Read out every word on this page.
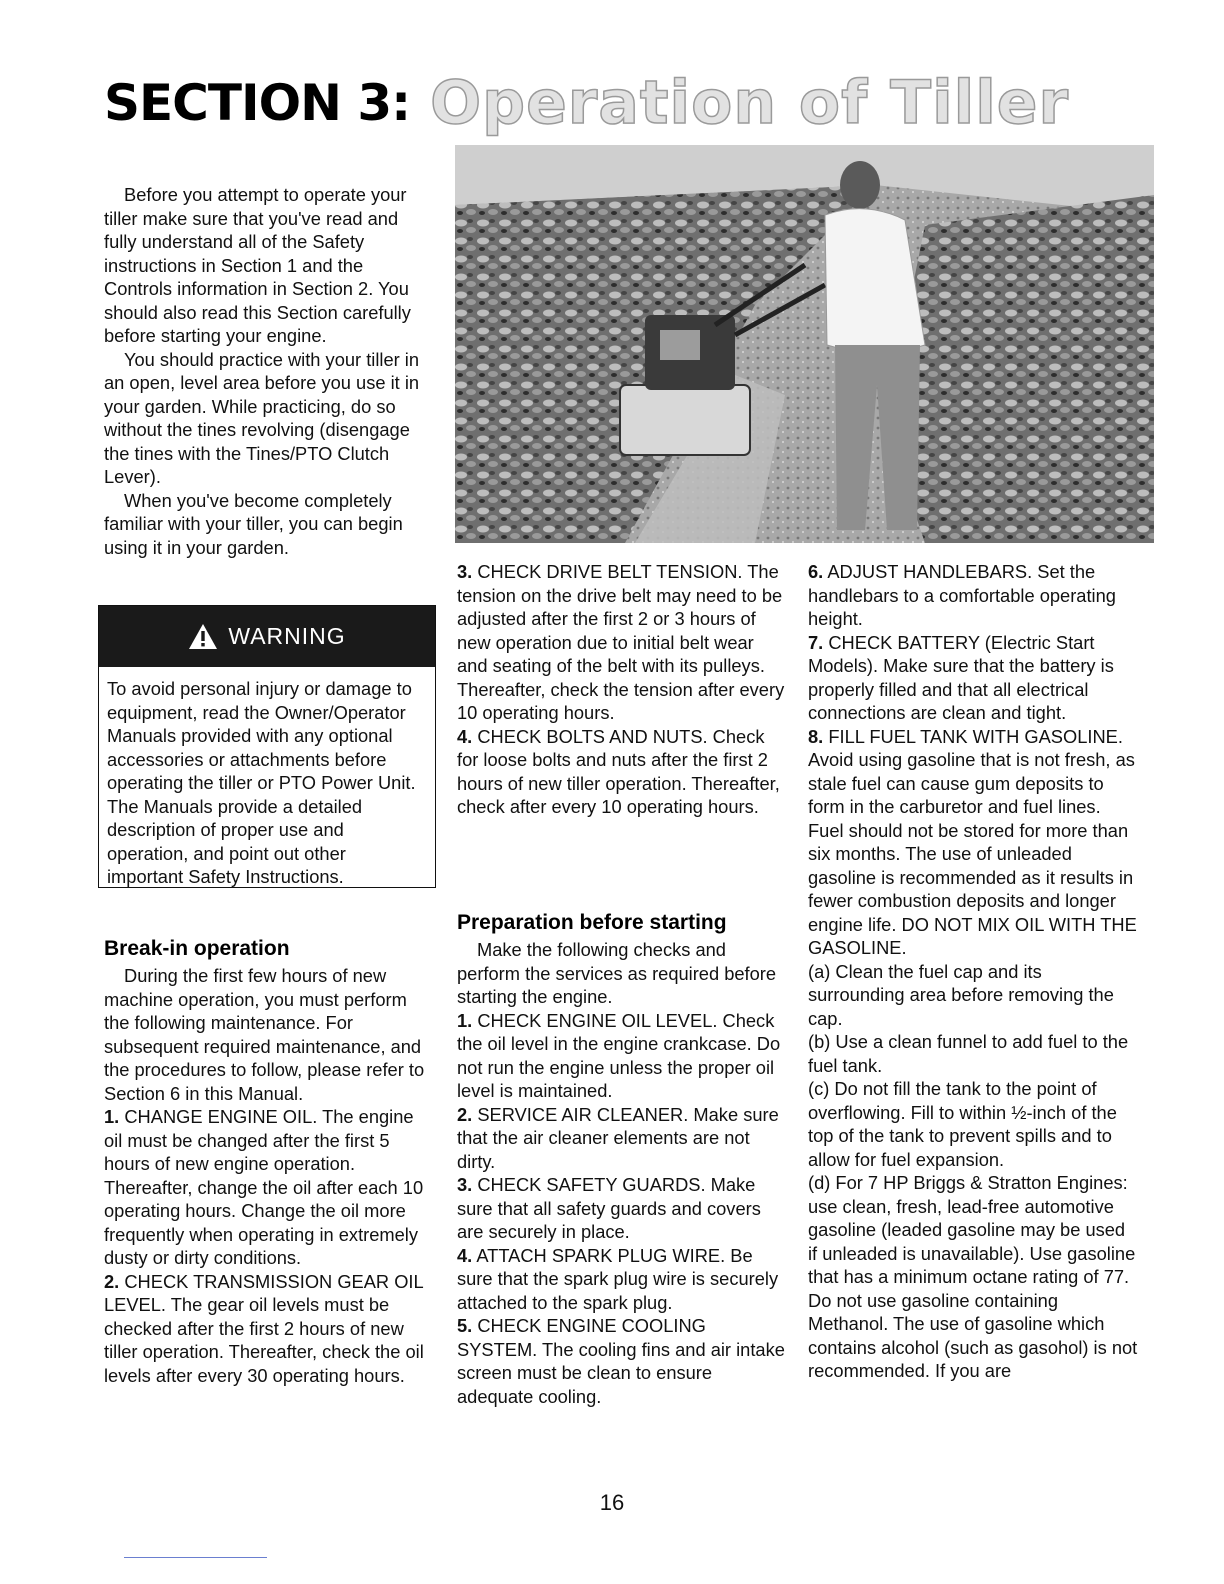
SECTION 3: Operation of Tiller

Before you attempt to operate your tiller make sure that you've read and fully understand all of the Safety instructions in Section 1 and the Controls information in Section 2. You should also read this Section carefully before starting your engine.

You should practice with your tiller in an open, level area before you use it in your garden. While practicing, do so without the tines revolving (disengage the tines with the Tines/PTO Clutch Lever).

When you've become completely familiar with your tiller, you can begin using it in your garden.

WARNING
To avoid personal injury or damage to equipment, read the Owner/Operator Manuals provided with any optional accessories or attachments before operating the tiller or PTO Power Unit. The Manuals provide a detailed description of proper use and operation, and point out other important Safety Instructions.
Break-in operation

During the first few hours of new machine operation, you must perform the following maintenance. For subsequent required maintenance, and the procedures to follow, please refer to Section 6 in this Manual.

1. CHANGE ENGINE OIL. The engine oil must be changed after the first 5 hours of new engine operation. Thereafter, change the oil after each 10 operating hours. Change the oil more frequently when operating in extremely dusty or dirty conditions.

2. CHECK TRANSMISSION GEAR OIL LEVEL. The gear oil levels must be checked after the first 2 hours of new tiller operation. Thereafter, check the oil levels after every 30 operating hours.

3. CHECK DRIVE BELT TENSION. The tension on the drive belt may need to be adjusted after the first 2 or 3 hours of new operation due to initial belt wear and seating of the belt with its pulleys. Thereafter, check the tension after every 10 operating hours.

4. CHECK BOLTS AND NUTS. Check for loose bolts and nuts after the first 2 hours of new tiller operation. Thereafter, check after every 10 operating hours.

Preparation before starting

Make the following checks and perform the services as required before starting the engine.

1. CHECK ENGINE OIL LEVEL. Check the oil level in the engine crankcase. Do not run the engine unless the proper oil level is maintained.

2. SERVICE AIR CLEANER. Make sure that the air cleaner elements are not dirty.

3. CHECK SAFETY GUARDS. Make sure that all safety guards and covers are securely in place.

4. ATTACH SPARK PLUG WIRE. Be sure that the spark plug wire is securely attached to the spark plug.

5. CHECK ENGINE COOLING SYSTEM. The cooling fins and air intake screen must be clean to ensure adequate cooling.

6. ADJUST HANDLEBARS. Set the handlebars to a comfortable operating height.

7. CHECK BATTERY (Electric Start Models). Make sure that the battery is properly filled and that all electrical connections are clean and tight.

8. FILL FUEL TANK WITH GASOLINE. Avoid using gasoline that is not fresh, as stale fuel can cause gum deposits to form in the carburetor and fuel lines. Fuel should not be stored for more than six months. The use of unleaded gasoline is recommended as it results in fewer combustion deposits and longer engine life. DO NOT MIX OIL WITH THE GASOLINE.

(a) Clean the fuel cap and its surrounding area before removing the cap.

(b) Use a clean funnel to add fuel to the fuel tank.

(c) Do not fill the tank to the point of overflowing. Fill to within ½-inch of the top of the tank to prevent spills and to allow for fuel expansion.

(d) For 7 HP Briggs & Stratton Engines: use clean, fresh, lead-free automotive gasoline (leaded gasoline may be used if unleaded is unavailable). Use gasoline that has a minimum octane rating of 77. Do not use gasoline containing Methanol. The use of gasoline which contains alcohol (such as gasohol) is not recommended. If you are

16
